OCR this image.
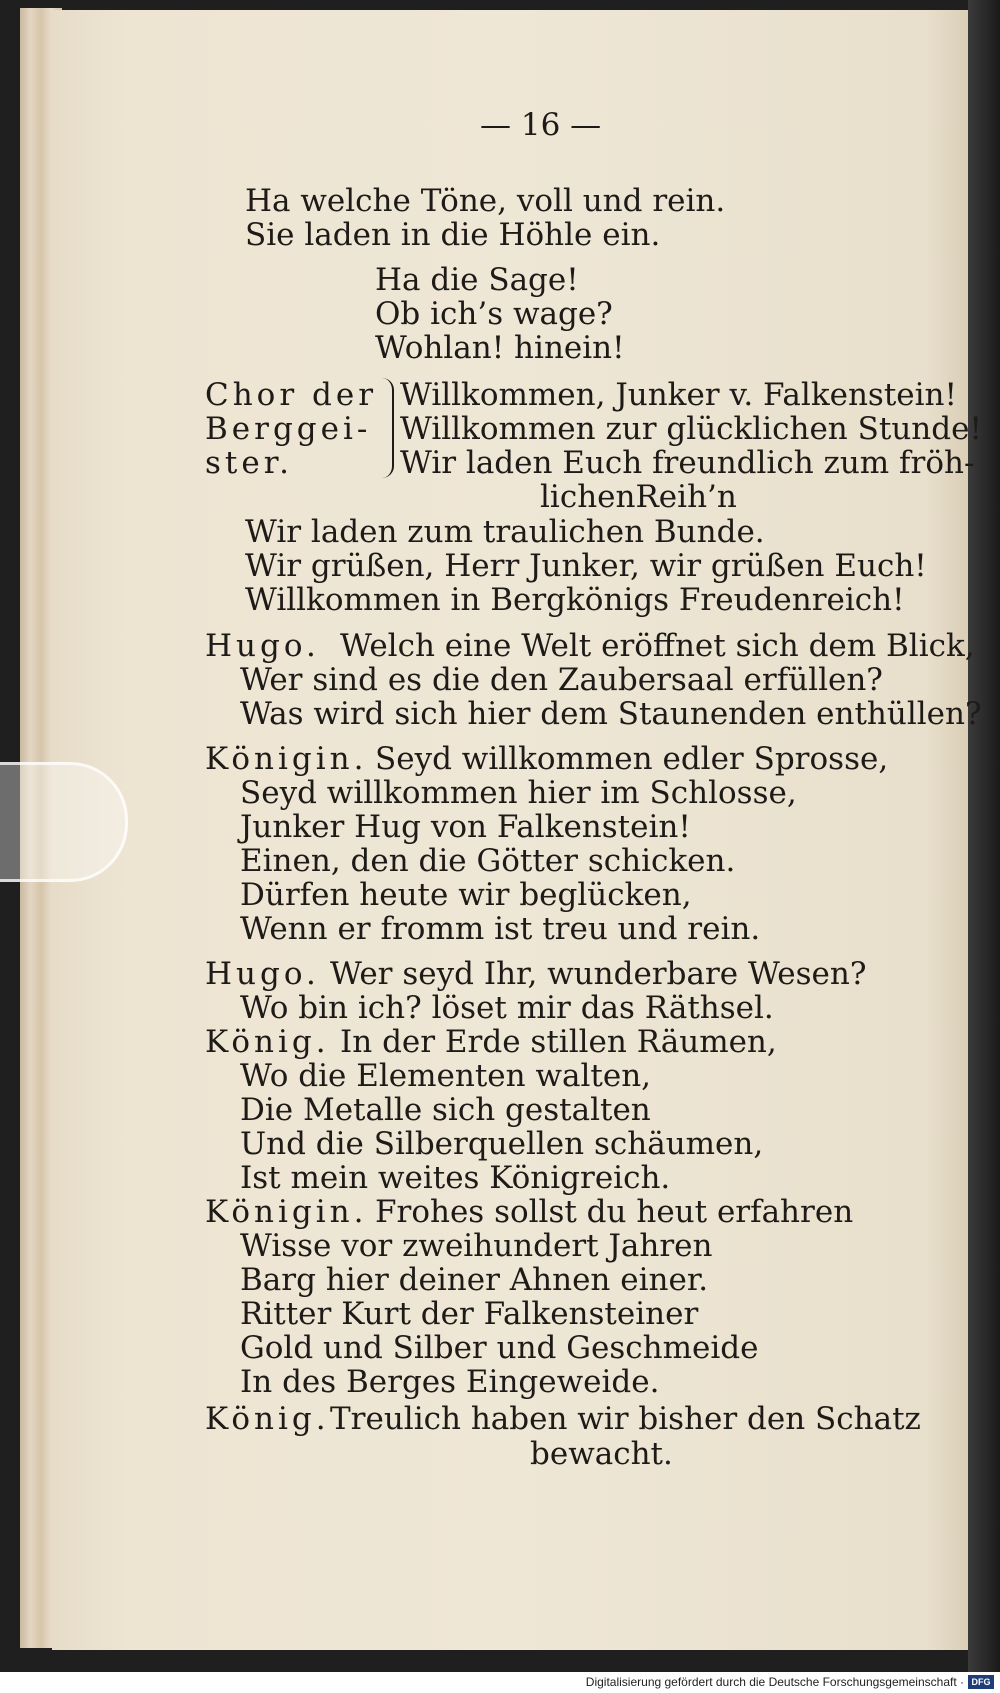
— 16 —
Ha welche Töne, voll und rein.
Sie laden in die Höhle ein.
Ha die Sage!
Ob ich’s wage?
Wohlan! hinein!
Chor der
Berggei-
ster.
Willkommen, Junker v. Falkenstein!
Willkommen zur glücklichen Stunde!
Wir laden Euch freundlich zum fröh-
lichenReih’n
Wir laden zum traulichen Bunde.
Wir grüßen, Herr Junker, wir grüßen Euch!
Willkommen in Bergkönigs Freudenreich!
Hugo. Welch eine Welt eröffnet sich dem Blick,
Wer sind es die den Zaubersaal erfüllen?
Was wird sich hier dem Staunenden enthüllen?
Königin. Seyd willkommen edler Sprosse,
Seyd willkommen hier im Schlosse,
Junker Hug von Falkenstein!
Einen, den die Götter schicken.
Dürfen heute wir beglücken,
Wenn er fromm ist treu und rein.
Hugo. Wer seyd Ihr, wunderbare Wesen?
Wo bin ich? löset mir das Räthsel.
König. In der Erde stillen Räumen,
Wo die Elementen walten,
Die Metalle sich gestalten
Und die Silberquellen schäumen,
Ist mein weites Königreich.
Königin. Frohes sollst du heut erfahren
Wisse vor zweihundert Jahren
Barg hier deiner Ahnen einer.
Ritter Kurt der Falkensteiner
Gold und Silber und Geschmeide
In des Berges Eingeweide.
König. Treulich haben wir bisher den Schatz
bewacht.
Digitalisierung gefördert durch die Deutsche Forschungsgemeinschaft · DFG
